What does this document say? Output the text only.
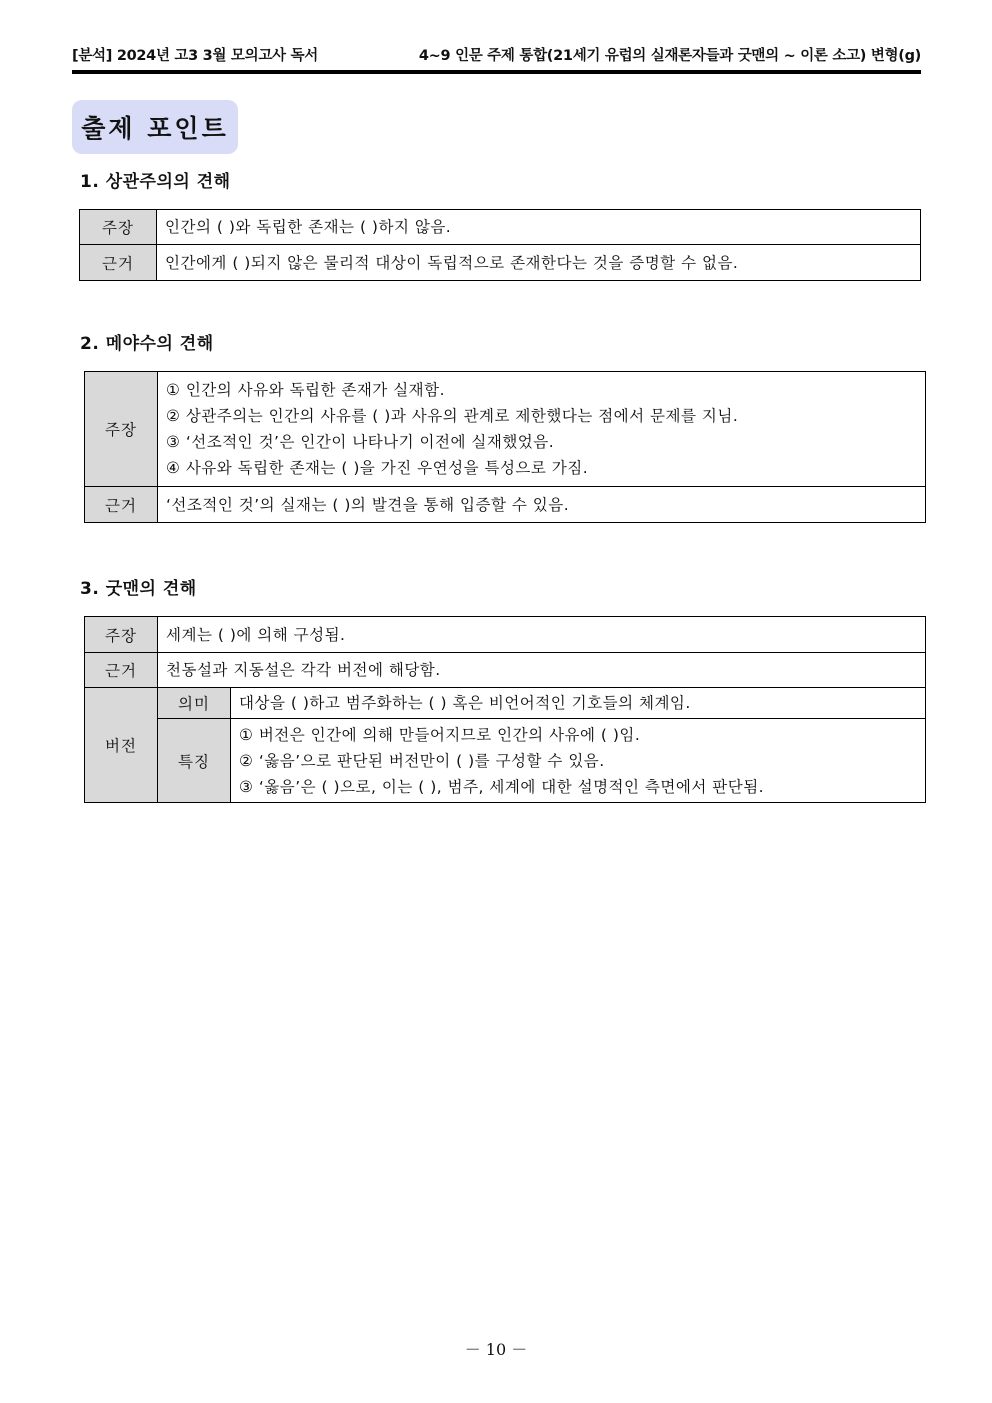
[분석] 2024년 고3 3월 모의고사 독서	4~9 인문 주제 통합(21세기 유럽의 실재론자들과 굿맨의 ~ 이론 소고) 변형(g)
출제 포인트
1. 상관주의의 견해
주장	인간의 ( )와 독립한 존재는 ( )하지 않음.

근거	인간에게 ( )되지 않은 물리적 대상이 독립적으로 존재한다는 것을 증명할 수 없음.
2. 메야수의 견해
주장	① 인간의 사유와 독립한 존재가 실재함.
② 상관주의는 인간의 사유를 ( )과 사유의 관계로 제한했다는 점에서 문제를 지님.
③ ‘선조적인 것’은 인간이 나타나기 이전에 실재했었음.
④ 사유와 독립한 존재는 ( )을 가진 우연성을 특성으로 가짐.

근거	‘선조적인 것’의 실재는 ( )의 발견을 통해 입증할 수 있음.
3. 굿맨의 견해
주장	세계는 ( )에 의해 구성됨.	

근거	천동설과 지동설은 각각 버전에 해당함.	

버전	의미	대상을 ( )하고 범주화하는 ( ) 혹은 비언어적인 기호들의 체계임.

	특징	① 버전은 인간에 의해 만들어지므로 인간의 사유에 ( )임.
② ‘옳음’으로 판단된 버전만이 ( )를 구성할 수 있음.
③ ‘옳음’은 ( )으로, 이는 ( ), 범주, 세계에 대한 설명적인 측면에서 판단됨.
－ 10 －
